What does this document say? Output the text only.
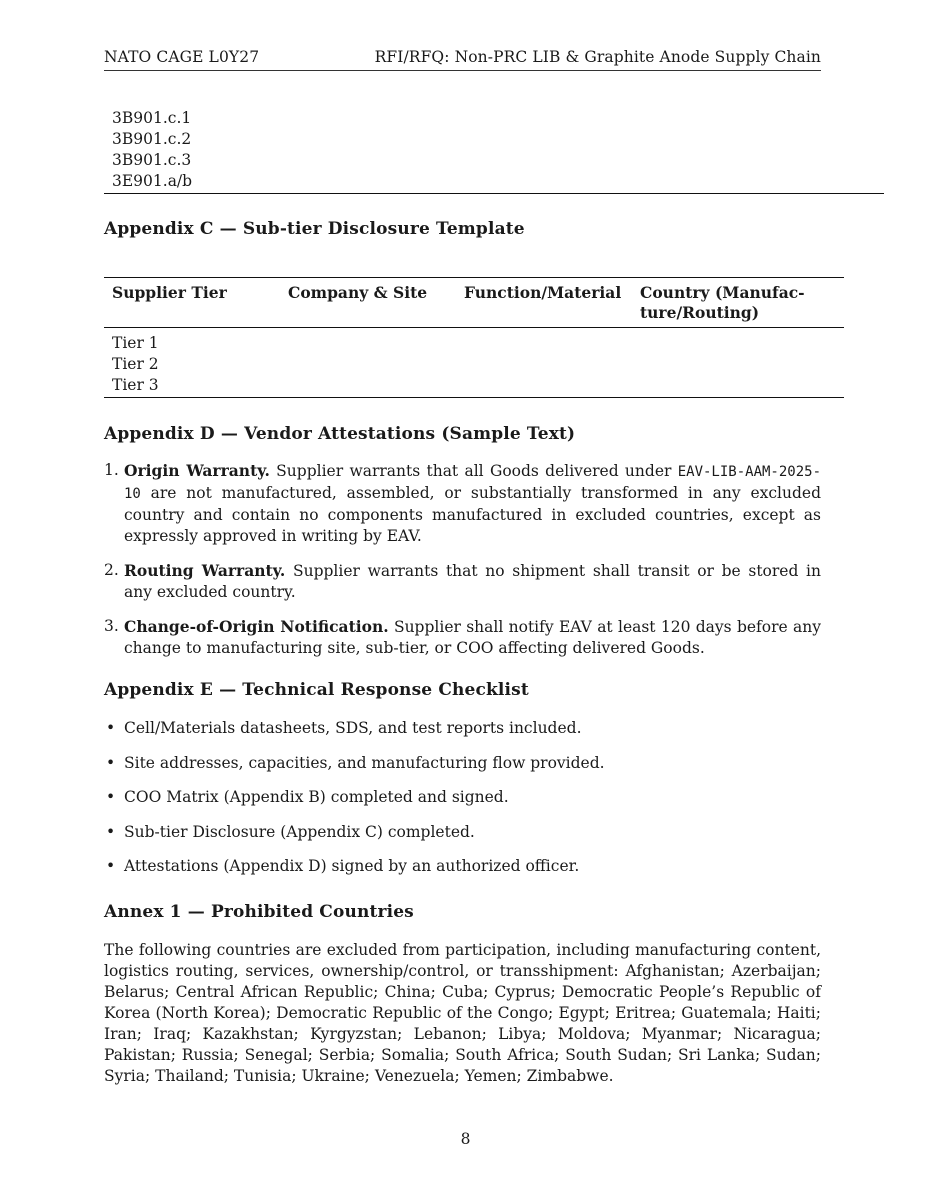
NATO CAGE L0Y27	RFI/RFQ: Non-PRC LIB & Graphite Anode Supply Chain
3B901.c.1
3B901.c.2
3B901.c.3
3E901.a/b
Appendix C — Sub-tier Disclosure Template
Supplier Tier	Company & Site Function/Material Country (Manufac-
ture/Routing)
Tier 1
Tier 2
Tier 3
Appendix D — Vendor Attestations (Sample Text)
1. Origin Warranty. Supplier warrants that all Goods delivered under EAV-LIB-AAM-2025-10 are not manufactured, assembled, or substantially transformed in any excluded country and contain no components manufactured in excluded countries, except as expressly approved in writing by EAV.
2. Routing Warranty. Supplier warrants that no shipment shall transit or be stored in any excluded country.
3. Change-of-Origin Notification. Supplier shall notify EAV at least 120 days before any change to manufacturing site, sub-tier, or COO affecting delivered Goods.
Appendix E — Technical Response Checklist
• Cell/Materials datasheets, SDS, and test reports included.
• Site addresses, capacities, and manufacturing flow provided.
• COO Matrix (Appendix B) completed and signed.
• Sub-tier Disclosure (Appendix C) completed.
• Attestations (Appendix D) signed by an authorized officer.
Annex 1 — Prohibited Countries

The following countries are excluded from participation, including manufacturing content, logistics routing, services, ownership/control, or transshipment: Afghanistan; Azerbaijan; Belarus; Central African Republic; China; Cuba; Cyprus; Democratic People’s Republic of Korea (North Korea); Democratic Republic of the Congo; Egypt; Eritrea; Guatemala; Haiti; Iran; Iraq; Kazakhstan; Kyrgyzstan; Lebanon; Libya; Moldova; Myanmar; Nicaragua; Pakistan; Russia; Senegal; Serbia; Somalia; South Africa; South Sudan; Sri Lanka; Sudan; Syria; Thailand; Tunisia; Ukraine; Venezuela; Yemen; Zimbabwe.

8
